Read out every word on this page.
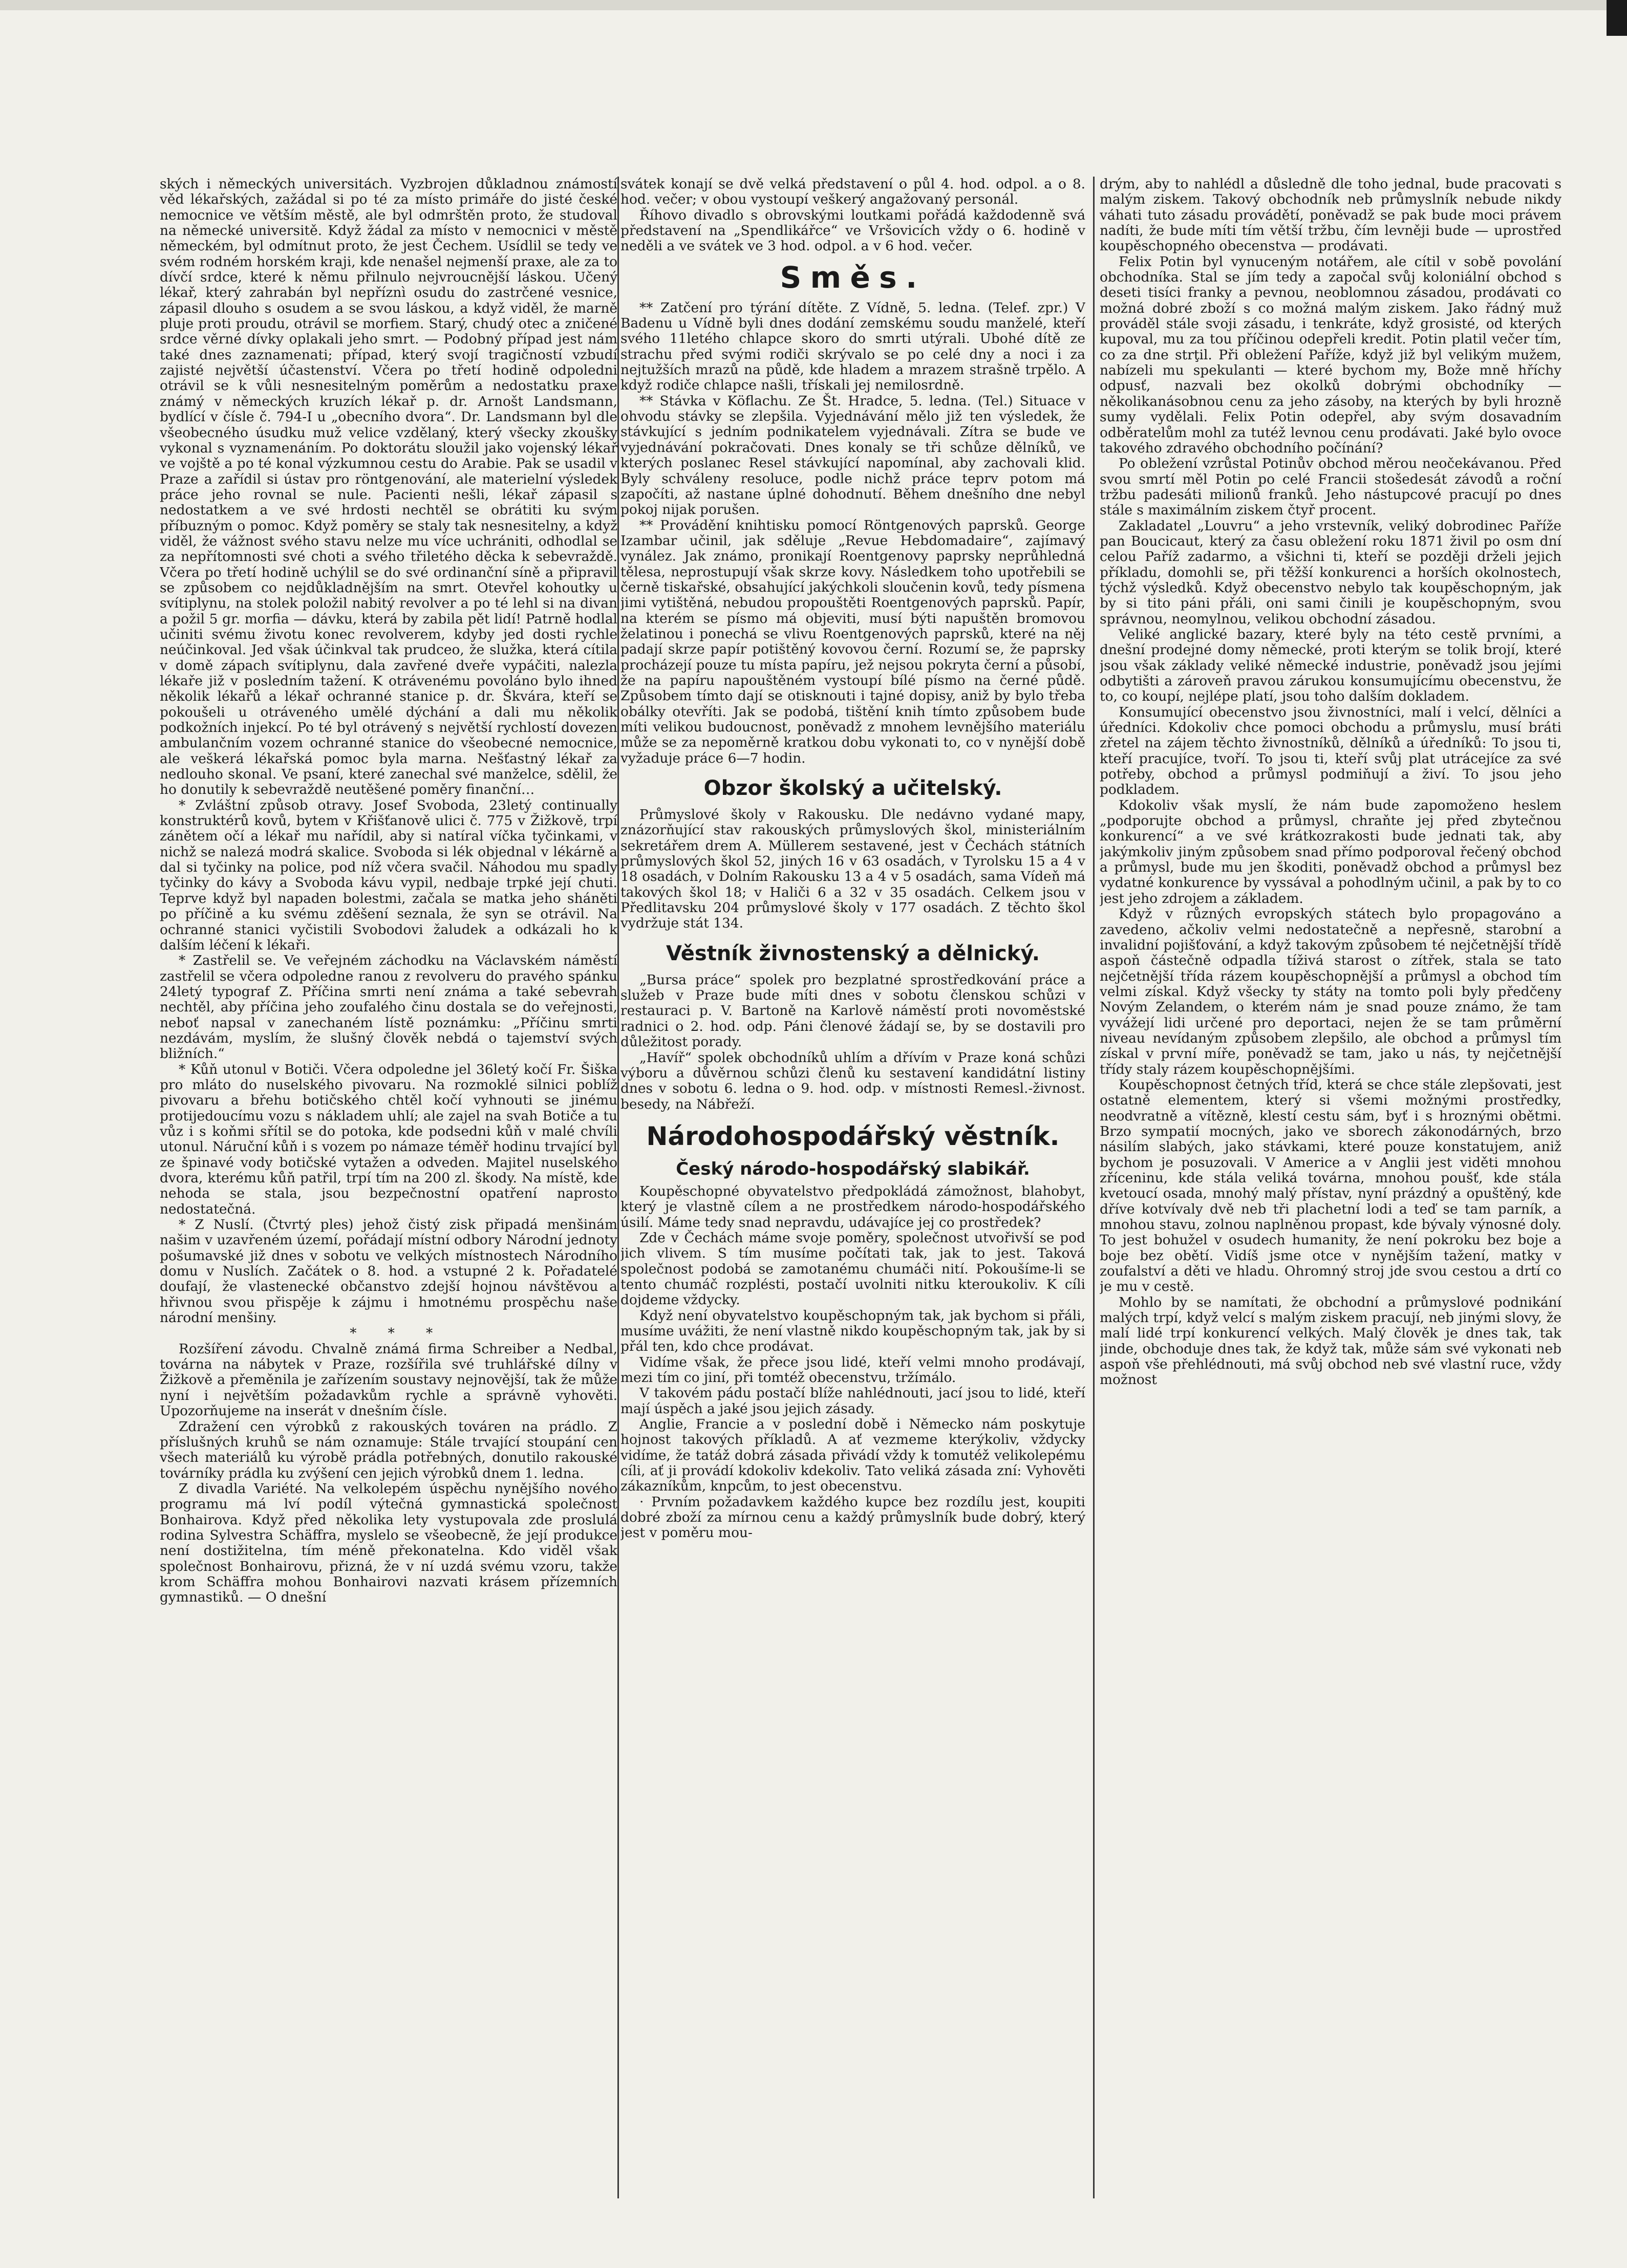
ských i německých universitách. Vyzbrojen důkladnou známostí věd lékařských, zažádal si po té za místo primáře do jisté české nemocnice ve větším městě, ale byl odmrštěn proto, že studoval na německé universitě. Když žádal za místo v nemocnici v městě německém, byl odmítnut proto, že jest Čechem. Usídlil se tedy ve svém rodném horském kraji, kde nenašel nejmenší praxe, ale za to dívčí srdce, které k němu přilnulo nejvroucnější láskou. Učený lékař, který zahrabán byl nepříznì osudu do zastrčené vesnice, zápasil dlouho s osudem a se svou láskou, a když viděl, že marně pluje proti proudu, otrávil se morfiem. Starý, chudý otec a zničené srdce věrné dívky oplakali jeho smrt. — Podobný případ jest nám také dnes zaznamenati; případ, který svojí tragičností vzbudí zajisté největší účastenství. Včera po třetí hodině odpoledni otrávil se k vůli nesnesitelným poměrům a nedostatku praxe známý v německých kruzích lékař p. dr. Arnošt Landsmann, bydlící v čísle č. 794-I u „obecního dvora“. Dr. Landsmann byl dle všeobecného úsudku muž velice vzdělaný, který všecky zkoušky vykonal s vyznamenáním. Po doktorátu sloužil jako vojenský lékař ve vojště a po té konal výzkumnou cestu do Arabie. Pak se usadil v Praze a zařídil si ústav pro röntgenování, ale materielní výsledek práce jeho rovnal se nule. Pacienti nešli, lékař zápasil s nedostatkem a ve své hrdosti nechtěl se obrátiti ku svým příbuzným o pomoc. Když poměry se staly tak nesnesitelny, a když viděl, že vážnost svého stavu nelze mu více uchrániti, odhodlal se za nepřítomnosti své choti a svého třiletého děcka k sebevraždě. Včera po třetí hodině uchýlil se do své ordinanční síně a připravil se způsobem co nejdůkladnějším na smrt. Otevřel kohoutky u svítiplynu, na stolek položil nabitý revolver a po té lehl si na divan a požil 5 gr. morfia — dávku, která by zabila pět lidí! Patrně hodlal učiniti svému životu konec revolverem, kdyby jed dosti rychle neúčinkoval. Jed však účinkval tak prudceo, že služka, která cítila v domě zápach svítiplynu, dala zavřené dveře vypáčiti, nalezla lékaře již v posledním tažení. K otrávenému povoláno bylo ihned několik lékařů a lékař ochranné stanice p. dr. Škvára, kteří se pokoušeli u otráveného umělé dýchání a dali mu několik podkožních injekcí. Po té byl otrávený s největší rychlostí dovezen ambulančním vozem ochranné stanice do všeobecné nemocnice, ale veškerá lékařská pomoc byla marna. Nešťastný lékař za nedlouho skonal. Ve psaní, které zanechal své manželce, sdělil, že ho donutily k sebevraždě neutěšené poměry finanční…

* Zvláštní způsob otravy. Josef Svoboda, 23letý continually konstruktérů kovů, bytem v Křišťanově ulici č. 775 v Žižkově, trpí zánětem očí a lékař mu nařídil, aby si natíral víčka tyčinkami, v nichž se nalezá modrá skalice. Svoboda si lék objednal v lékárně a dal si tyčinky na police, pod níž včera svačil. Náhodou mu spadly tyčinky do kávy a Svoboda kávu vypil, nedbaje trpké její chuti. Teprve když byl napaden bolestmi, začala se matka jeho sháněti po příčině a ku svému zděšení seznala, že syn se otrávil. Na ochranné stanici vyčistili Svobodovi žaludek a odkázali ho k dalším léčení k lékaři.

* Zastřelil se. Ve veřejném záchodku na Václavském náměstí zastřelil se včera odpoledne ranou z revolveru do pravého spánku 24letý typograf Z. Příčina smrti není známa a také sebevrah nechtěl, aby příčina jeho zoufalého činu dostala se do veřejnosti, neboť napsal v zanechaném lístě poznámku: „Příčinu smrti nezdávám, myslím, že slušný člověk nebdá o tajemství svých bližních.“

* Kůň utonul v Botiči. Včera odpoledne jel 36letý kočí Fr. Šiška pro mláto do nuselského pivovaru. Na rozmoklé silnici poblíž pivovaru a břehu botičského chtěl kočí vyhnouti se jinému protijedoucímu vozu s nákladem uhlí; ale zajel na svah Botiče a tu vůz i s koňmi sřítil se do potoka, kde podsedni kůň v malé chvíli utonul. Náruční kůň i s vozem po námaze téměř hodinu trvající byl ze špinavé vody botičské vytažen a odveden. Majitel nuselského dvora, kterému kůň patřil, trpí tím na 200 zl. škody. Na místě, kde nehoda se stala, jsou bezpečnostní opatření naprosto nedostatečná.

* Z Nuslí. (Čtvrtý ples) jehož čistý zisk připadá menšinám našim v uzavřeném území, pořádají místní odbory Národní jednoty pošumavské již dnes v sobotu ve velkých místnostech Národního domu v Nuslích. Začátek o 8. hod. a vstupné 2 k. Pořadatelé doufají, že vlastenecké občanstvo zdejší hojnou návštěvou a hřivnou svou přispěje k zájmu i hmotnému prospěchu naše národní menšiny.

* * *

Rozšíření závodu. Chvalně známá firma Schreiber a Nedbal, továrna na nábytek v Praze, rozšířila své truhlářské dílny v Žižkově a přeměnila je zařízením soustavy nejnovější, tak že může nyní i největším požadavkům rychle a správně vyhověti. Upozorňujeme na inserát v dnešním čísle.

Zdražení cen výrobků z rakouských továren na prádlo. Z příslušných kruhů se nám oznamuje: Stále trvající stoupání cen všech materiálů ku výrobě prádla potřebných, donutilo rakouské továrníky prádla ku zvýšení cen jejich výrobků dnem 1. ledna.

Z divadla Variété. Na velkolepém úspěchu nynějšího nového programu má lví podíl výtečná gymnastická společnost Bonhairova. Když před několika lety vystupovala zde proslulá rodina Sylvestra Schäffra, myslelo se všeobecně, že její produkce není dostižitelna, tím méně překonatelna. Kdo viděl však společnost Bonhairovu, přizná, že v ní uzdá svému vzoru, takže krom Schäffra mohou Bonhairovi nazvati krásem přízemních gymnastiků. — O dnešní

svátek konají se dvě velká představení o půl 4. hod. odpol. a o 8. hod. večer; v obou vystoupí veškerý angažovaný personál.

Říhovo divadlo s obrovskými loutkami pořádá každodenně svá představení na „Spendlikářce“ ve Vršovicích vždy o 6. hodině v neděli a ve svátek ve 3 hod. odpol. a v 6 hod. večer.

Směs.

** Zatčení pro týrání dítěte. Z Vídně, 5. ledna. (Telef. zpr.) V Badenu u Vídně byli dnes dodání zemskému soudu manželé, kteří svého 11letého chlapce skoro do smrti utýrali. Ubohé dítě ze strachu před svými rodiči skrývalo se po celé dny a noci i za nejtužších mrazů na půdě, kde hladem a mrazem strašně trpělo. A když rodiče chlapce našli, třískali jej nemilosrdně.

** Stávka v Köflachu. Ze Št. Hradce, 5. ledna. (Tel.) Situace v ohvodu stávky se zlepšila. Vyjednávání mělo již ten výsledek, že stávkující s jedním podnikatelem vyjednávali. Zítra se bude ve vyjednávání pokračovati. Dnes konaly se tři schůze dělníků, ve kterých poslanec Resel stávkující napomínal, aby zachovali klid. Byly schváleny resoluce, podle nichž práce teprv potom má započíti, až nastane úplné dohodnutí. Během dnešního dne nebyl pokoj nijak porušen.

** Provádění knihtisku pomocí Röntgenových paprsků. George Izambar učinil, jak sděluje „Revue Hebdomadaire“, zajímavý vynález. Jak známo, pronikají Roentgenovy paprsky neprůhledná tělesa, neprostupují však skrze kovy. Následkem toho upotřebili se černě tiskařské, obsahující jakýchkoli sloučenin kovů, tedy písmena jimi vytištěná, nebudou propouštěti Roentgenových paprsků. Papír, na kterém se písmo má objeviti, musí býti napuštěn bromovou želatinou i ponechá se vlivu Roentgenových paprsků, které na něj padají skrze papír potištěný kovovou černí. Rozumí se, že paprsky procházejí pouze tu místa papíru, jež nejsou pokryta černí a působí, že na papíru napouštěném vystoupí bílé písmo na černé půdě. Způsobem tímto dají se otisknouti i tajné dopisy, aniž by bylo třeba obálky otevříti. Jak se podobá, tištění knih tímto způsobem bude míti velikou budoucnost, poněvadž z mnohem levnějšího materiálu může se za nepoměrně kratkou dobu vykonati to, co v nynější době vyžaduje práce 6—7 hodin.

Obzor školský a učitelský.

Průmyslové školy v Rakousku. Dle nedávno vydané mapy, znázorňující stav rakouských průmyslových škol, ministeriálním sekretářem drem A. Müllerem sestavené, jest v Čechách státních průmyslových škol 52, jiných 16 v 63 osadách, v Tyrolsku 15 a 4 v 18 osadách, v Dolním Rakousku 13 a 4 v 5 osadách, sama Vídeň má takových škol 18; v Haliči 6 a 32 v 35 osadách. Celkem jsou v Předlitavsku 204 průmyslové školy v 177 osadách. Z těchto škol vydržuje stát 134.

Věstník živnostenský a dělnický.

„Bursa práce“ spolek pro bezplatné sprostředkování práce a služeb v Praze bude míti dnes v sobotu členskou schůzi v restauraci p. V. Bartoně na Karlově náměstí proti novoměstské radnici o 2. hod. odp. Páni členové žádají se, by se dostavili pro důležitost porady.

„Havíř“ spolek obchodníků uhlím a dřívím v Praze koná schůzi výboru a důvěrnou schůzi členů ku sestavení kandidátní listiny dnes v sobotu 6. ledna o 9. hod. odp. v místnosti Remesl.-živnost. besedy, na Nábřeží.

Národohospodářský věstník.
Český národo-hospodářský slabikář.

Koupěschopné obyvatelstvo předpokládá zámožnost, blahobyt, který je vlastně cílem a ne prostředkem národo-hospodářského úsilí. Máme tedy snad nepravdu, udávajíce jej co prostředek?

Zde v Čechách máme svoje poměry, společnost utvořivší se pod jich vlivem. S tím musíme počítati tak, jak to jest. Taková společnost podobá se zamotanému chumáči nití. Pokoušíme-li se tento chumáč rozplésti, postačí uvolniti nitku kteroukoliv. K cíli dojdeme vždycky.

Když není obyvatelstvo koupěschopným tak, jak bychom si přáli, musíme uvážiti, že není vlastně nikdo koupěschopným tak, jak by si přál ten, kdo chce prodávat.

Vidíme však, že přece jsou lidé, kteří velmi mnoho prodávají, mezi tím co jiní, při tomtéž obecenstvu, tržímálo.

V takovém pádu postačí blíže nahlédnouti, jací jsou to lidé, kteří mají úspěch a jaké jsou jejich zásady.

Anglie, Francie a v poslední době i Německo nám poskytuje hojnost takových příkladů. A ať vezmeme kterýkoliv, vždycky vidíme, že tatáž dobrá zásada přivádí vždy k tomutéž velikolepému cíli, ať ji provádí kdokoliv kdekoliv. Tato veliká zásada zní: Vyhověti zákazníkům, knpcům, to jest obecenstvu.

· Prvním požadavkem každého kupce bez rozdílu jest, koupiti dobré zboží za mírnou cenu a každý průmyslník bude dobrý, který jest v poměru mou-

drým, aby to nahlédl a důsledně dle toho jednal, bude pracovati s malým ziskem. Takový obchodník neb průmyslník nebude nikdy váhati tuto zásadu provádětí, poněvadž se pak bude moci právem nadíti, že bude míti tím větší tržbu, čím levněji bude — uprostřed koupěschopného obecenstva — prodávati.

Felix Potin byl vynuceným notářem, ale cítil v sobě povolání obchodníka. Stal se jím tedy a započal svůj koloniální obchod s deseti tisíci franky a pevnou, neoblomnou zásadou, prodávati co možná dobré zboží s co možná malým ziskem. Jako řádný muž prováděl stále svoji zásadu, i tenkráte, když grosisté, od kterých kupoval, mu za tou příčinou odepřeli kredit. Potin platil večer tím, co za dne strţil. Při obležení Paříže, když již byl velikým mužem, nabízeli mu spekulanti — které bychom my, Bože mně hříchy odpusť, nazvali bez okolků dobrými obchodníky — několikanásobnou cenu za jeho zásoby, na kterých by byli hrozně sumy vydělali. Felix Potin odepřel, aby svým dosavadním odběratelům mohl za tutéž levnou cenu prodávati. Jaké bylo ovoce takového zdravého obchodního počínání?

Po obležení vzrůstal Potinův obchod měrou neočekávanou. Před svou smrtí měl Potin po celé Francii stošedesát závodů a roční tržbu padesáti milionů franků. Jeho nástupcové pracují po dnes stále s maximálním ziskem čtyř procent.

Zakladatel „Louvru“ a jeho vrstevník, veliký dobrodinec Paříže pan Boucicaut, který za času obležení roku 1871 živil po osm dní celou Paříž zadarmo, a všichni ti, kteří se později drželi jejich příkladu, domohli se, při těžší konkurenci a horších okolnostech, týchž výsledků. Když obecenstvo nebylo tak koupěschopným, jak by si tito páni přáli, oni sami činili je koupěschopným, svou správnou, neomylnou, velikou obchodní zásadou.

Veliké anglické bazary, které byly na této cestě prvními, a dnešní prodejné domy německé, proti kterým se tolik brojí, které jsou však základy veliké německé industrie, poněvadž jsou jejími odbytišti a zároveň pravou zárukou konsumujícímu obecenstvu, že to, co koupí, nejlépe platí, jsou toho dalším dokladem.

Konsumující obecenstvo jsou živnostníci, malí i velcí, dělníci a úředníci. Kdokoliv chce pomoci obchodu a průmyslu, musí bráti zřetel na zájem těchto živnostníků, dělníků a úředníků: To jsou ti, kteří pracujíce, tvoří. To jsou ti, kteří svůj plat utrácejíce za své potřeby, obchod a průmysl podmiňují a živí. To jsou jeho podkladem.

Kdokoliv však myslí, že nám bude zapomoženo heslem „podporujte obchod a průmysl, chraňte jej před zbytečnou konkurencí“ a ve své krátkozrakosti bude jednati tak, aby jakýmkoliv jiným způsobem snad přímo podporoval řečený obchod a průmysl, bude mu jen škoditi, poněvadž obchod a průmysl bez vydatné konkurence by vyssával a pohodlným učinil, a pak by to co jest jeho zdrojem a základem.

Když v různých evropských státech bylo propagováno a zavedeno, ačkoliv velmi nedostatečně a nepřesně, starobní a invalidní pojišťování, a když takovým způsobem té nejčetnější třídě aspoň částečně odpadla tíživá starost o zítřek, stala se tato nejčetnější třída rázem koupěschopnější a průmysl a obchod tím velmi získal. Když všecky ty státy na tomto poli byly předčeny Novým Zelandem, o kterém nám je snad pouze známo, že tam vyvážejí lidi určené pro deportaci, nejen že se tam průměrní niveau nevídaným způsobem zlepšilo, ale obchod a průmysl tím získal v první míře, poněvadž se tam, jako u nás, ty nejčetnější třídy staly rázem koupěschopnějšími.

Koupěschopnost četných tříd, která se chce stále zlepšovati, jest ostatně elementem, který si všemi možnými prostředky, neodvratně a vítězně, klestí cestu sám, byť i s hroznými obětmi. Brzo sympatií mocných, jako ve sborech zákonodárných, brzo násilím slabých, jako stávkami, které pouze konstatujem, aniž bychom je posuzovali. V Americe a v Anglii jest viděti mnohou zříceninu, kde stála veliká továrna, mnohou poušť, kde stála kvetoucí osada, mnohý malý přístav, nyní prázdný a opuštěný, kde dříve kotvívaly dvě neb tři plachetní lodi a teď se tam parník, a mnohou stavu, zolnou naplněnou propast, kde bývaly výnosné doly. To jest bohužel v osudech humanity, že není pokroku bez boje a boje bez obětí. Vidíš jsme otce v nynějším tažení, matky v zoufalství a děti ve hladu. Ohromný stroj jde svou cestou a drtí co je mu v cestě.

Mohlo by se namítati, že obchodní a průmyslové podnikání malých trpí, když velcí s malým ziskem pracují, neb jinými slovy, že malí lidé trpí konkurencí velkých. Malý člověk je dnes tak, tak jinde, obchoduje dnes tak, že když tak, může sám své vykonati neb aspoň vše přehlédnouti, má svůj obchod neb své vlastní ruce, vždy možnost
